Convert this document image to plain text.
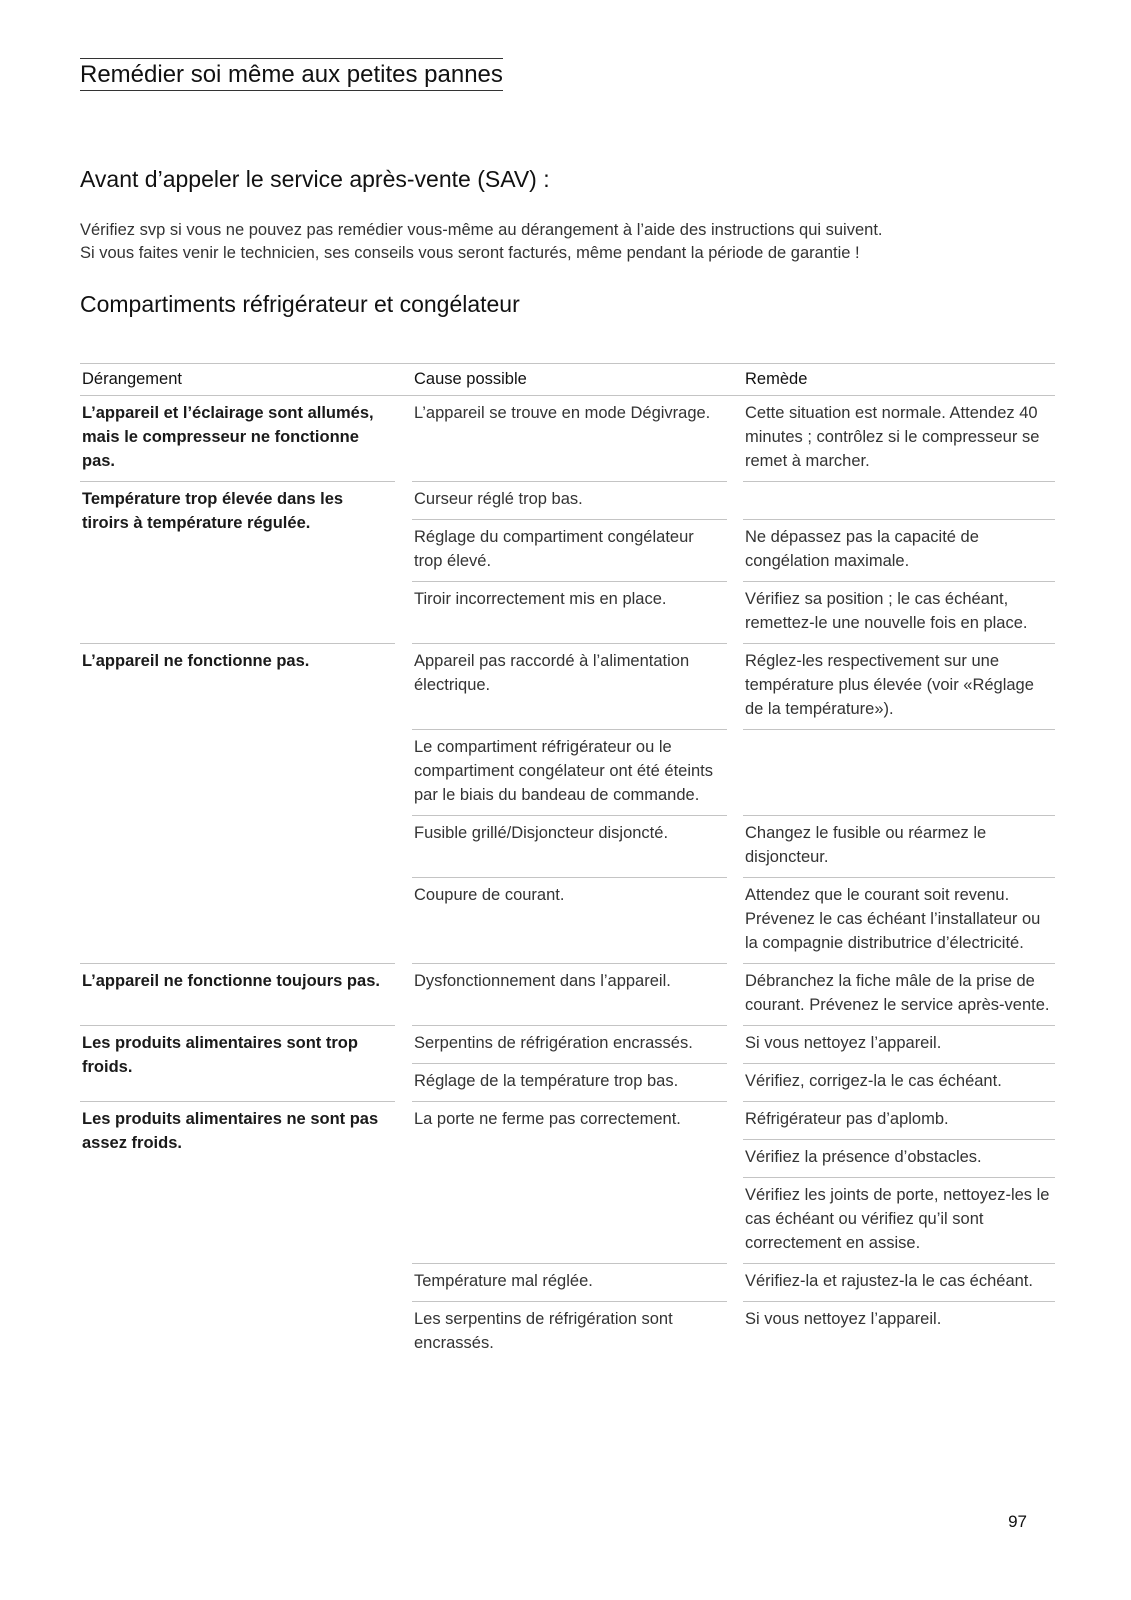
Remédier soi même aux petites pannes
Avant d’appeler le service après-vente (SAV) :

Vérifiez svp si vous ne pouvez pas remédier vous-même au dérangement à l’aide des instructions qui suivent.
Si vous faites venir le technicien, ses conseils vous seront facturés, même pendant la période de garantie !

Compartiments réfrigérateur et congélateur
Dérangement		Cause possible		Remède
L’appareil et l’éclairage sont allumés, mais le compresseur ne fonctionne pas.		L’appareil se trouve en mode Dégivrage.		Cette situation est normale. Attendez 40 minutes ; contrôlez si le compresseur se remet à marcher.
Température trop élevée dans les tiroirs à température régulée.		Curseur réglé trop bas.		
		Réglage du compartiment congélateur trop élevé.		Ne dépassez pas la capacité de congélation maximale.
		Tiroir incorrectement mis en place.		Vérifiez sa position ; le cas échéant, remettez-le une nouvelle fois en place.
L’appareil ne fonctionne pas.		Appareil pas raccordé à l’alimentation électrique.		Réglez-les respectivement sur une température plus élevée (voir «Réglage de la température»).
		Le compartiment réfrigérateur ou le compartiment congélateur ont été éteints par le biais du bandeau de commande.		
		Fusible grillé/Disjoncteur disjoncté.		Changez le fusible ou réarmez le disjoncteur.
		Coupure de courant.		Attendez que le courant soit revenu. Prévenez le cas échéant l’installateur ou la compagnie distributrice d’électricité.
L’appareil ne fonctionne toujours pas.		Dysfonctionnement dans l’appareil.		Débranchez la fiche mâle de la prise de courant. Prévenez le service après-vente.
Les produits alimentaires sont trop froids.		Serpentins de réfrigération encrassés.		Si vous nettoyez l’appareil.
		Réglage de la température trop bas.		Vérifiez, corrigez-la le cas échéant.
Les produits alimentaires ne sont pas assez froids.		La porte ne ferme pas correctement.		Réfrigérateur pas d’aplomb.
				Vérifiez la présence d’obstacles.
				Vérifiez les joints de porte, nettoyez-les le cas échéant ou vérifiez qu’il sont correctement en assise.
		Température mal réglée.		Vérifiez-la et rajustez-la le cas échéant.
		Les serpentins de réfrigération sont encrassés.		Si vous nettoyez l’appareil.
97
